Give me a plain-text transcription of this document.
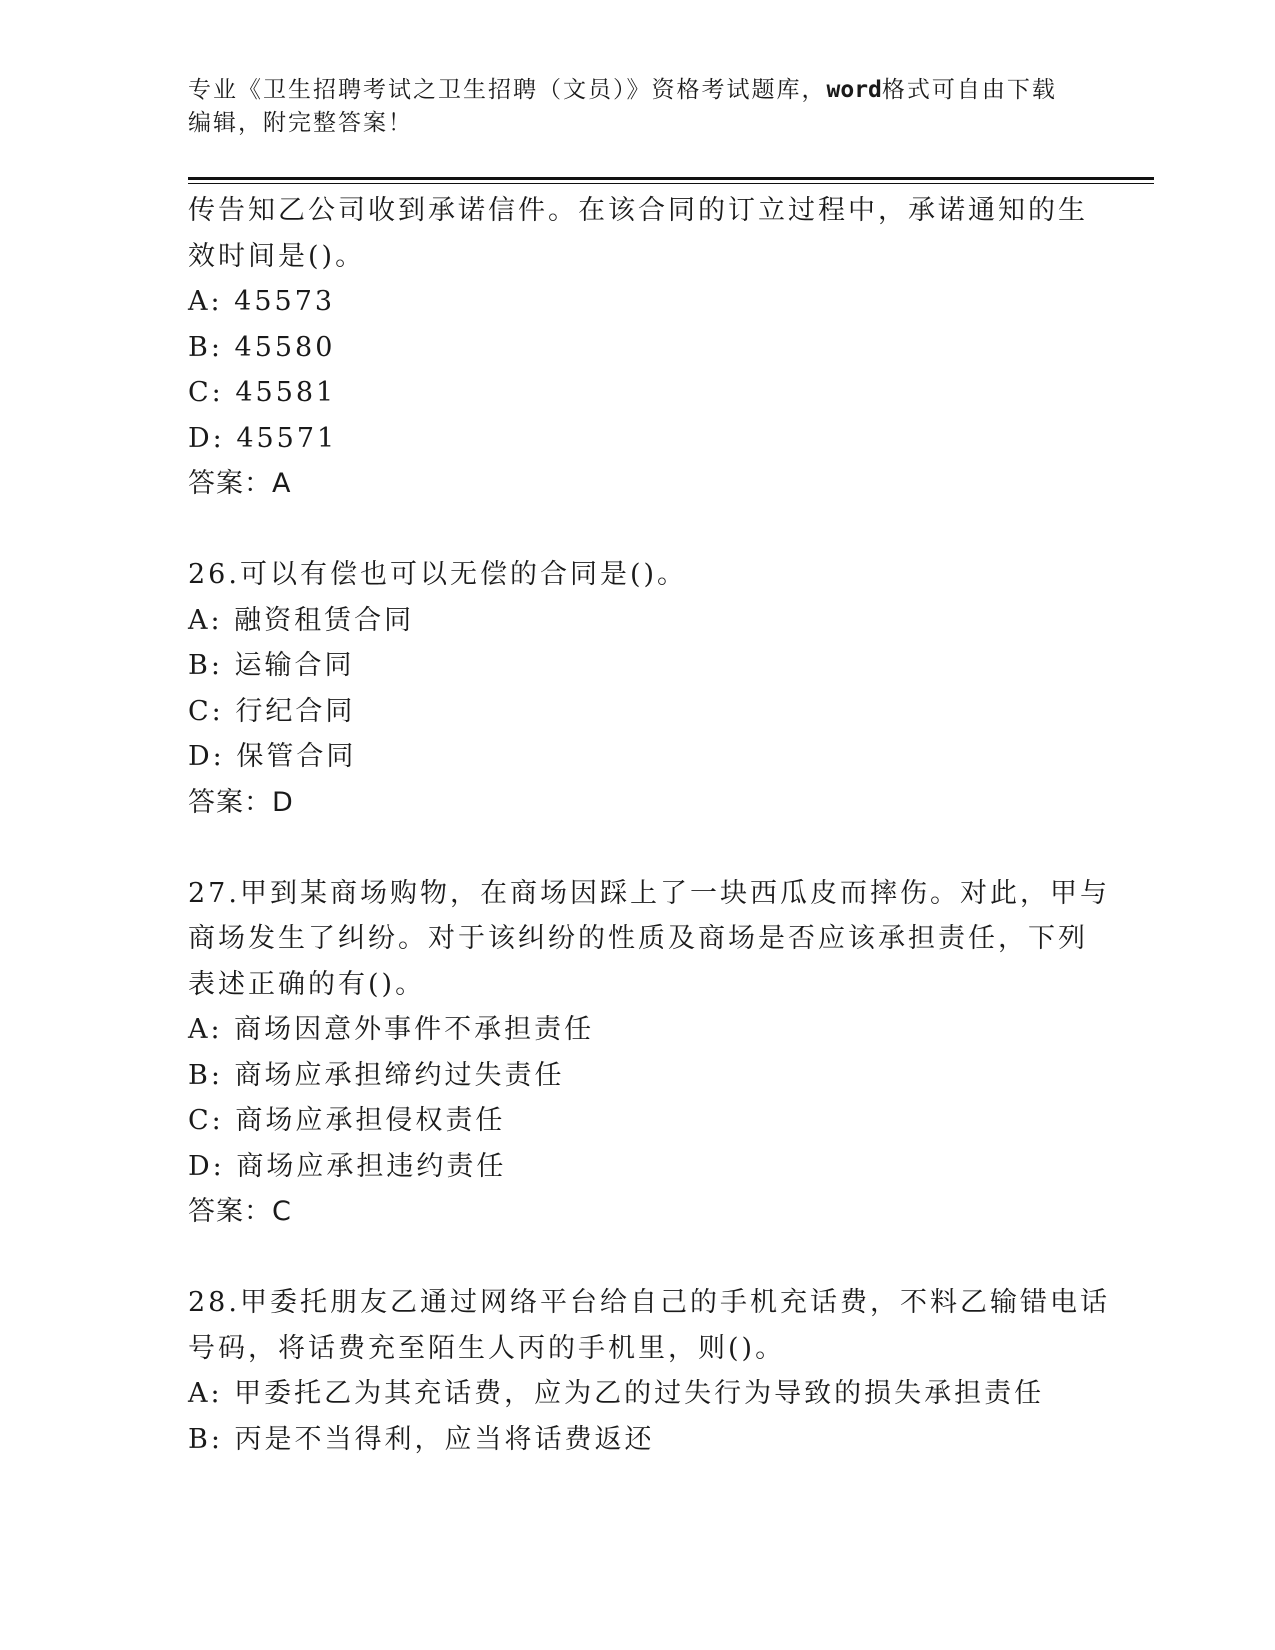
专业《卫生招聘考试之卫生招聘（文员）》资格考试题库，word格式可自由下载
编辑，附完整答案！
传告知乙公司收到承诺信件。在该合同的订立过程中，承诺通知的生
效时间是()。
A: 45573
B: 45580
C: 45581
D: 45571
答案：A
26.可以有偿也可以无偿的合同是()。
A: 融资租赁合同
B: 运输合同
C: 行纪合同
D: 保管合同
答案：D
27.甲到某商场购物，在商场因踩上了一块西瓜皮而摔伤。对此，甲与
商场发生了纠纷。对于该纠纷的性质及商场是否应该承担责任，下列
表述正确的有()。
A: 商场因意外事件不承担责任
B: 商场应承担缔约过失责任
C: 商场应承担侵权责任
D: 商场应承担违约责任
答案：C
28.甲委托朋友乙通过网络平台给自己的手机充话费，不料乙输错电话
号码，将话费充至陌生人丙的手机里，则()。
A: 甲委托乙为其充话费，应为乙的过失行为导致的损失承担责任
B: 丙是不当得利，应当将话费返还
